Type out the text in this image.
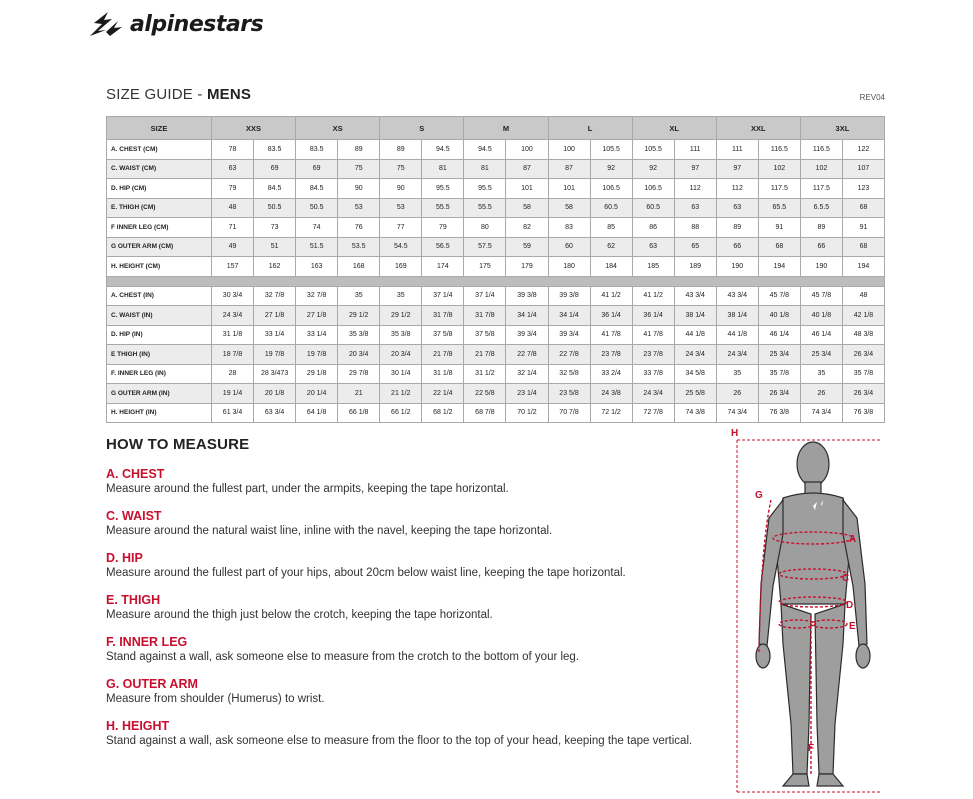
alpinestars
SIZE GUIDE - MENS	REV04
SIZE	XXS		XS		S		M		L		XL		XXL		3XL	
A. CHEST (CM)	78	83.5	83.5	89	89	94.5	94.5	100	100	105.5	105.5	111	111	116.5	116.5	122
C. WAIST (CM)	63	69	69	75	75	81	81	87	87	92	92	97	97	102	102	107
D. HIP (CM)	79	84.5	84.5	90	90	95.5	95.5	101	101	106.5	106.5	112	112	117.5	117.5	123
E. THIGH (CM)	48	50.5	50.5	53	53	55.5	55.5	58	58	60.5	60.5	63	63	65.5	6.5.5	68
F INNER LEG (CM)	71	73	74	76	77	79	80	82	83	85	86	88	89	91	89	91
G OUTER ARM (CM)	49	51	51.5	53.5	54.5	56.5	57.5	59	60	62	63	65	66	68	66	68
H. HEIGHT (CM)	157	162	163	168	169	174	175	179	180	184	185	189	190	194	190	194

A. CHEST (IN)	30 3/4	32 7/8	32 7/8	35	35	37 1/4	37 1/4	39 3/8	39 3/8	41 1/2	41 1/2	43 3/4	43 3/4	45 7/8	45 7/8	48
C. WAIST (IN)	24 3/4	27 1/8	27 1/8	29 1/2	29 1/2	31 7/8	31 7/8	34 1/4	34 1/4	36 1/4	36 1/4	38 1/4	38 1/4	40 1/8	40 1/8	42 1/8
D. HIP (IN)	31 1/8	33 1/4	33 1/4	35 3/8	35 3/8	37 5/8	37 5/8	39 3/4	39 3/4	41 7/8	41 7/8	44 1/8	44 1/8	46 1/4	46 1/4	48 3/8
E THIGH (IN)	18 7/8	19 7/8	19 7/8	20 3/4	20 3/4	21 7/8	21 7/8	22 7/8	22 7/8	23 7/8	23 7/8	24 3/4	24 3/4	25 3/4	25 3/4	26 3/4
F. INNER LEG (IN)	28	28 3/473	29 1/8	29 7/8	30 1/4	31 1/8	31 1/2	32 1/4	32 5/8	33 2/4	33 7/8	34 5/8	35	35 7/8	35	35 7/8
G OUTER ARM (IN)	19 1/4	20 1/8	20 1/4	21	21 1/2	22 1/4	22 5/8	23 1/4	23 5/8	24 3/8	24 3/4	25 5/8	26	26 3/4	26	26 3/4
H. HEIGHT (IN)	61 3/4	63 3/4	64 1/8	66 1/8	66 1/2	68 1/2	68 7/8	70 1/2	70 7/8	72 1/2	72 7/8	74 3/8	74 3/4	76 3/8	74 3/4	76 3/8
HOW TO MEASURE
A. CHEST
Measure around the fullest part, under the armpits, keeping the tape horizontal.
C. WAIST
Measure around the natural waist line, inline with the navel, keeping the tape horizontal.
D. HIP
Measure around the fullest part of your hips, about 20cm below waist line, keeping the tape horizontal.
E. THIGH
Measure around the thigh just below the crotch, keeping the tape horizontal.
F. INNER LEG
Stand against a wall, ask someone else to measure from the crotch to the bottom of your leg.
G. OUTER ARM
Measure from shoulder (Humerus) to wrist.
H. HEIGHT
Stand against a wall, ask someone else to measure from the floor to the top of your head, keeping the tape vertical.
H
G
A
C
D
E
F
